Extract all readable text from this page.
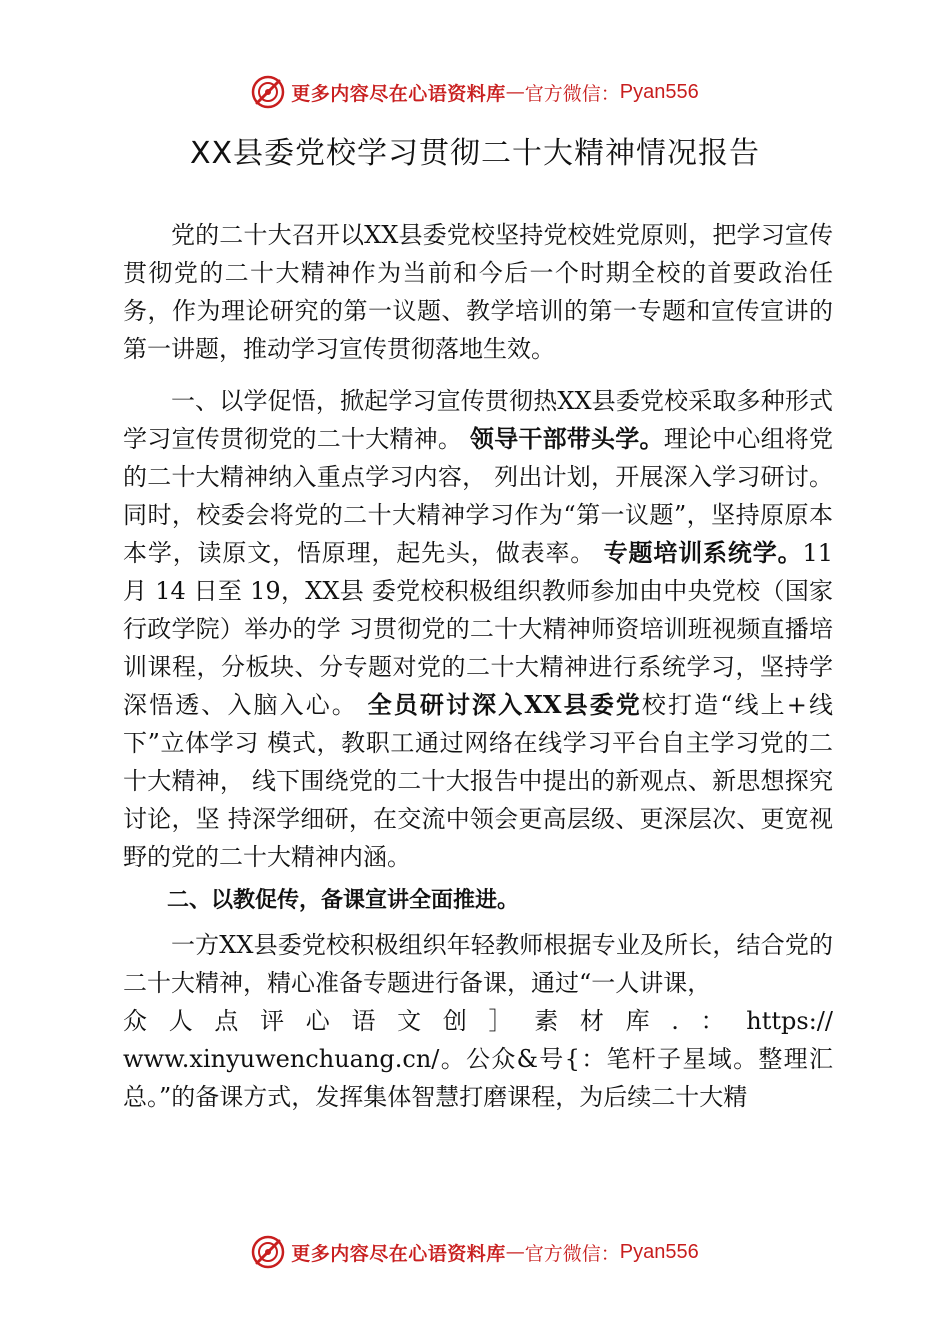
更多内容尽在心语资料库 — 官方微信： Pyan556
XX县委党校学习贯彻二十大精神情况报告

党的二十大召开以XX县委党校坚持党校姓党原则，把学习宣传贯彻党的二十大精神作为当前和今后一个时期全校的首要政治任务，作为理论研究的第一议题、教学培训的第一专题和宣传宣讲的第一讲题，推动学习宣传贯彻落地生效。

一、以学促悟，掀起学习宣传贯彻热XX县委党校采取多种形式学习宣传贯彻党的二十大精神。 领导干部带头学。理论中心组将党的二十大精神纳入重点学习内容， 列出计划，开展深入学习研讨。同时，校委会将党的二十大精神学习作为“第一议题”，坚持原原本本学，读原文，悟原理，起先头，做表率。 专题培训系统学。11 月 14 日至 19，XX县 委党校积极组织教师参加由中央党校（国家行政学院）举办的学 习贯彻党的二十大精神师资培训班视频直播培训课程，分板块、分专题对党的二十大精神进行系统学习，坚持学深悟透、入脑入心。 全员研讨深入XX县委党校打造“线上+线下”立体学习 模式，教职工通过网络在线学习平台自主学习党的二十大精神， 线下围绕党的二十大报告中提出的新观点、新思想探究讨论，坚 持深学细研，在交流中领会更高层级、更深层次、更宽视野的党的二十大精神内涵。

二、以教促传，备课宣讲全面推进。

一方XX县委党校积极组织年轻教师根据专业及所长，结合党的二十大精神，精心准备专题进行备课，通过“一人讲课，

众 人 点 评 心 语 文 创 ］ 素 材 库 . ： https://

www.xinyuwenchuang.cn/。公众&号{：笔杆子星域。整理汇总。”的备课方式，发挥集体智慧打磨课程，为后续二十大精

更多内容尽在心语资料库 — 官方微信： Pyan556
